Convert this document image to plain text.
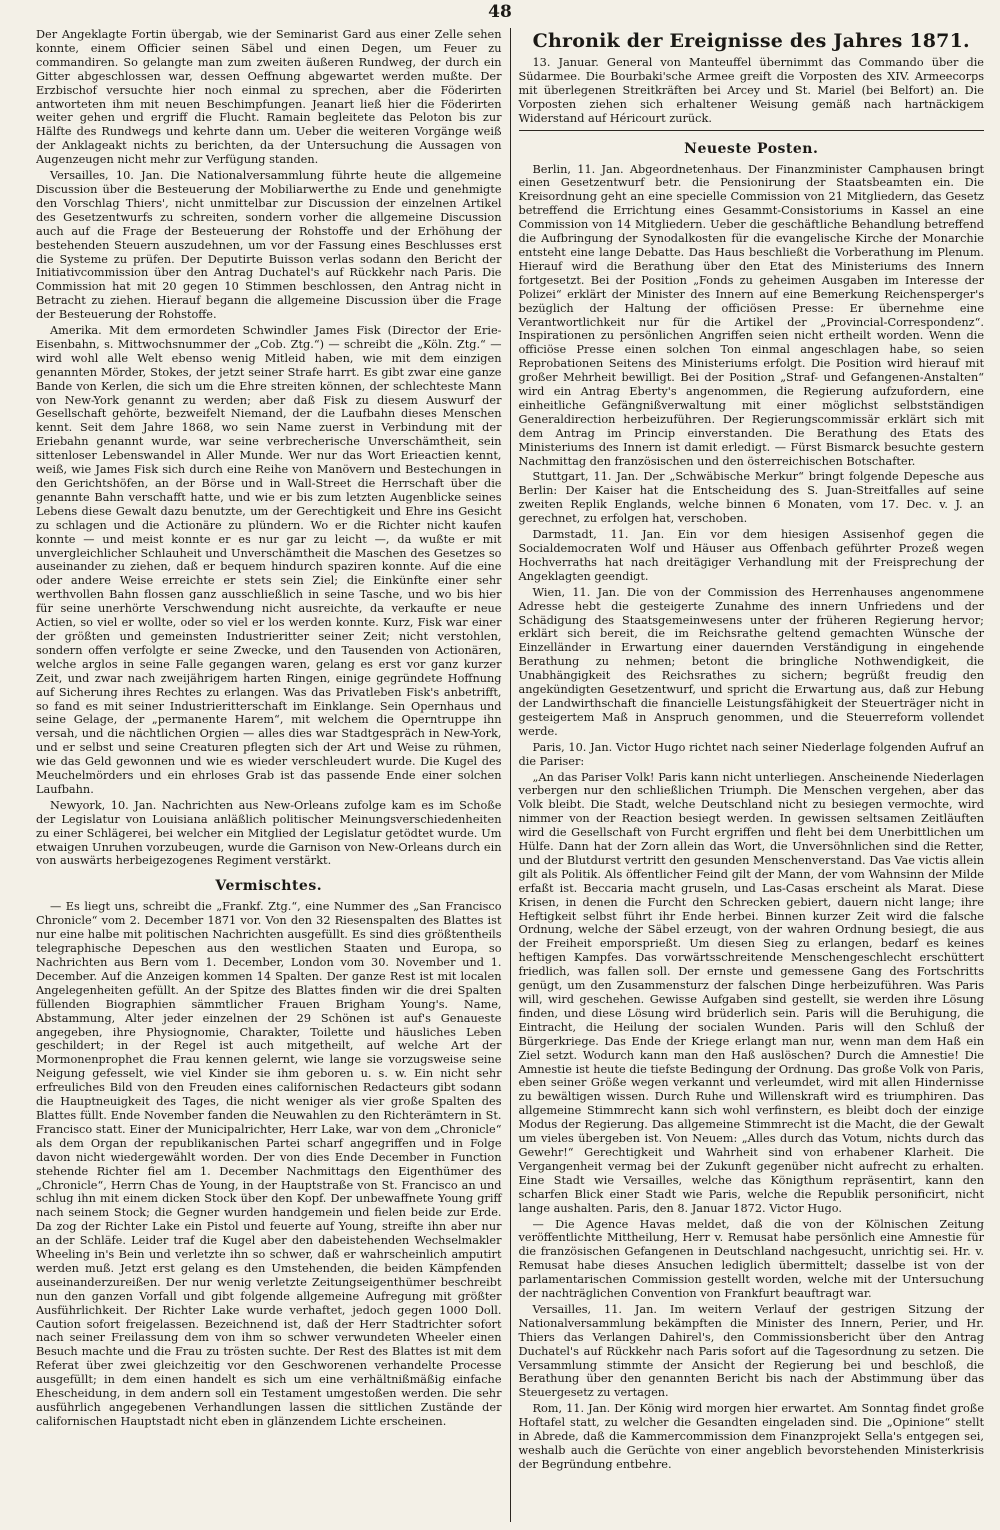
48

Der Angeklagte Fortin übergab, wie der Seminarist Gard aus einer Zelle sehen konnte, einem Officier seinen Säbel und einen Degen, um Feuer zu commandiren. So gelangte man zum zweiten äußeren Rundweg, der durch ein Gitter abgeschlossen war, dessen Oeffnung abgewartet werden mußte. Der Erzbischof versuchte hier noch einmal zu sprechen, aber die Föderirten antworteten ihm mit neuen Beschimpfungen. Jeanart ließ hier die Föderirten weiter gehen und ergriff die Flucht. Ramain begleitete das Peloton bis zur Hälfte des Rundwegs und kehrte dann um. Ueber die weiteren Vorgänge weiß der Anklageakt nichts zu berichten, da der Untersuchung die Aussagen von Augenzeugen nicht mehr zur Verfügung standen.

Versailles, 10. Jan. Die Nationalversammlung führte heute die allgemeine Discussion über die Besteuerung der Mobiliarwerthe zu Ende und genehmigte den Vorschlag Thiers', nicht unmittelbar zur Discussion der einzelnen Artikel des Gesetzentwurfs zu schreiten, sondern vorher die allgemeine Discussion auch auf die Frage der Besteuerung der Rohstoffe und der Erhöhung der bestehenden Steuern auszudehnen, um vor der Fassung eines Beschlusses erst die Systeme zu prüfen. Der Deputirte Buisson verlas sodann den Bericht der Initiativcommission über den Antrag Duchatel's auf Rückkehr nach Paris. Die Commission hat mit 20 gegen 10 Stimmen beschlossen, den Antrag nicht in Betracht zu ziehen. Hierauf begann die allgemeine Discussion über die Frage der Besteuerung der Rohstoffe.

Amerika. Mit dem ermordeten Schwindler James Fisk (Director der Erie-Eisenbahn, s. Mittwochsnummer der „Cob. Ztg.“) — schreibt die „Köln. Ztg.“ — wird wohl alle Welt ebenso wenig Mitleid haben, wie mit dem einzigen genannten Mörder, Stokes, der jetzt seiner Strafe harrt. Es gibt zwar eine ganze Bande von Kerlen, die sich um die Ehre streiten können, der schlechteste Mann von New-York genannt zu werden; aber daß Fisk zu diesem Auswurf der Gesellschaft gehörte, bezweifelt Niemand, der die Laufbahn dieses Menschen kennt. Seit dem Jahre 1868, wo sein Name zuerst in Verbindung mit der Eriebahn genannt wurde, war seine verbrecherische Unverschämtheit, sein sittenloser Lebenswandel in Aller Munde. Wer nur das Wort Erieactien kennt, weiß, wie James Fisk sich durch eine Reihe von Manövern und Bestechungen in den Gerichtshöfen, an der Börse und in Wall-Street die Herrschaft über die genannte Bahn verschafft hatte, und wie er bis zum letzten Augenblicke seines Lebens diese Gewalt dazu benutzte, um der Gerechtigkeit und Ehre ins Gesicht zu schlagen und die Actionäre zu plündern. Wo er die Richter nicht kaufen konnte — und meist konnte er es nur gar zu leicht —, da wußte er mit unvergleichlicher Schlauheit und Unverschämtheit die Maschen des Gesetzes so auseinander zu ziehen, daß er bequem hindurch spaziren konnte. Auf die eine oder andere Weise erreichte er stets sein Ziel; die Einkünfte einer sehr werthvollen Bahn flossen ganz ausschließlich in seine Tasche, und wo bis hier für seine unerhörte Verschwendung nicht ausreichte, da verkaufte er neue Actien, so viel er wollte, oder so viel er los werden konnte. Kurz, Fisk war einer der größten und gemeinsten Industrieritter seiner Zeit; nicht verstohlen, sondern offen verfolgte er seine Zwecke, und den Tausenden von Actionären, welche arglos in seine Falle gegangen waren, gelang es erst vor ganz kurzer Zeit, und zwar nach zweijährigem harten Ringen, einige gegründete Hoffnung auf Sicherung ihres Rechtes zu erlangen. Was das Privatleben Fisk's anbetrifft, so fand es mit seiner Industrieritterschaft im Einklange. Sein Opernhaus und seine Gelage, der „permanente Harem“, mit welchem die Operntruppe ihn versah, und die nächtlichen Orgien — alles dies war Stadtgespräch in New-York, und er selbst und seine Creaturen pflegten sich der Art und Weise zu rühmen, wie das Geld gewonnen und wie es wieder verschleudert wurde. Die Kugel des Meuchelmörders und ein ehrloses Grab ist das passende Ende einer solchen Laufbahn.

Newyork, 10. Jan. Nachrichten aus New-Orleans zufolge kam es im Schoße der Legislatur von Louisiana anläßlich politischer Meinungsverschiedenheiten zu einer Schlägerei, bei welcher ein Mitglied der Legislatur getödtet wurde. Um etwaigen Unruhen vorzubeugen, wurde die Garnison von New-Orleans durch ein von auswärts herbeigezogenes Regiment verstärkt.

Vermischtes.

— Es liegt uns, schreibt die „Frankf. Ztg.“, eine Nummer des „San Francisco Chronicle“ vom 2. December 1871 vor. Von den 32 Riesenspalten des Blattes ist nur eine halbe mit politischen Nachrichten ausgefüllt. Es sind dies größtentheils telegraphische Depeschen aus den westlichen Staaten und Europa, so Nachrichten aus Bern vom 1. December, London vom 30. November und 1. December. Auf die Anzeigen kommen 14 Spalten. Der ganze Rest ist mit localen Angelegenheiten gefüllt. An der Spitze des Blattes finden wir die drei Spalten füllenden Biographien sämmtlicher Frauen Brigham Young's. Name, Abstammung, Alter jeder einzelnen der 29 Schönen ist auf's Genaueste angegeben, ihre Physiognomie, Charakter, Toilette und häusliches Leben geschildert; in der Regel ist auch mitgetheilt, auf welche Art der Mormonenprophet die Frau kennen gelernt, wie lange sie vorzugsweise seine Neigung gefesselt, wie viel Kinder sie ihm geboren u. s. w. Ein nicht sehr erfreuliches Bild von den Freuden eines californischen Redacteurs gibt sodann die Hauptneuigkeit des Tages, die nicht weniger als vier große Spalten des Blattes füllt. Ende November fanden die Neuwahlen zu den Richterämtern in St. Francisco statt. Einer der Municipalrichter, Herr Lake, war von dem „Chronicle“ als dem Organ der republikanischen Partei scharf angegriffen und in Folge davon nicht wiedergewählt worden. Der von dies Ende December in Function stehende Richter fiel am 1. December Nachmittags den Eigenthümer des „Chronicle“, Herrn Chas de Young, in der Hauptstraße von St. Francisco an und schlug ihn mit einem dicken Stock über den Kopf. Der unbewaffnete Young griff nach seinem Stock; die Gegner wurden handgemein und fielen beide zur Erde. Da zog der Richter Lake ein Pistol und feuerte auf Young, streifte ihn aber nur an der Schläfe. Leider traf die Kugel aber den dabeistehenden Wechselmakler Wheeling in's Bein und verletzte ihn so schwer, daß er wahrscheinlich amputirt werden muß. Jetzt erst gelang es den Umstehenden, die beiden Kämpfenden auseinanderzureißen. Der nur wenig verletzte Zeitungseigenthümer beschreibt nun den ganzen Vorfall und gibt folgende allgemeine Aufregung mit größter Ausführlichkeit. Der Richter Lake wurde verhaftet, jedoch gegen 1000 Doll. Caution sofort freigelassen. Bezeichnend ist, daß der Herr Stadtrichter sofort nach seiner Freilassung dem von ihm so schwer verwundeten Wheeler einen Besuch machte und die Frau zu trösten suchte. Der Rest des Blattes ist mit dem Referat über zwei gleichzeitig vor den Geschworenen verhandelte Processe ausgefüllt; in dem einen handelt es sich um eine verhältnißmäßig einfache Ehescheidung, in dem andern soll ein Testament umgestoßen werden. Die sehr ausführlich angegebenen Verhandlungen lassen die sittlichen Zustände der californischen Hauptstadt nicht eben in glänzendem Lichte erscheinen.

Chronik der Ereignisse des Jahres 1871.

13. Januar. General von Manteuffel übernimmt das Commando über die Südarmee. Die Bourbaki'sche Armee greift die Vorposten des XIV. Armeecorps mit überlegenen Streitkräften bei Arcey und St. Mariel (bei Belfort) an. Die Vorposten ziehen sich erhaltener Weisung gemäß nach hartnäckigem Widerstand auf Héricourt zurück.

Neueste Posten.

Berlin, 11. Jan. Abgeordnetenhaus. Der Finanzminister Camphausen bringt einen Gesetzentwurf betr. die Pensionirung der Staatsbeamten ein. Die Kreisordnung geht an eine specielle Commission von 21 Mitgliedern, das Gesetz betreffend die Errichtung eines Gesammt-Consistoriums in Kassel an eine Commission von 14 Mitgliedern. Ueber die geschäftliche Behandlung betreffend die Aufbringung der Synodalkosten für die evangelische Kirche der Monarchie entsteht eine lange Debatte. Das Haus beschließt die Vorberathung im Plenum. Hierauf wird die Berathung über den Etat des Ministeriums des Innern fortgesetzt. Bei der Position „Fonds zu geheimen Ausgaben im Interesse der Polizei“ erklärt der Minister des Innern auf eine Bemerkung Reichensperger's bezüglich der Haltung der officiösen Presse: Er übernehme eine Verantwortlichkeit nur für die Artikel der „Provincial-Correspondenz“. Inspirationen zu persönlichen Angriffen seien nicht ertheilt worden. Wenn die officiöse Presse einen solchen Ton einmal angeschlagen habe, so seien Reprobationen Seitens des Ministeriums erfolgt. Die Position wird hierauf mit großer Mehrheit bewilligt. Bei der Position „Straf- und Gefangenen-Anstalten“ wird ein Antrag Eberty's angenommen, die Regierung aufzufordern, eine einheitliche Gefängnißverwaltung mit einer möglichst selbstständigen Generaldirection herbeizuführen. Der Regierungscommissär erklärt sich mit dem Antrag im Princip einverstanden. Die Berathung des Etats des Ministeriums des Innern ist damit erledigt. — Fürst Bismarck besuchte gestern Nachmittag den französischen und den österreichischen Botschafter.

Stuttgart, 11. Jan. Der „Schwäbische Merkur“ bringt folgende Depesche aus Berlin: Der Kaiser hat die Entscheidung des S. Juan-Streitfalles auf seine zweiten Replik Englands, welche binnen 6 Monaten, vom 17. Dec. v. J. an gerechnet, zu erfolgen hat, verschoben.

Darmstadt, 11. Jan. Ein vor dem hiesigen Assisenhof gegen die Socialdemocraten Wolf und Häuser aus Offenbach geführter Prozeß wegen Hochverraths hat nach dreitägiger Verhandlung mit der Freisprechung der Angeklagten geendigt.

Wien, 11. Jan. Die von der Commission des Herrenhauses angenommene Adresse hebt die gesteigerte Zunahme des innern Unfriedens und der Schädigung des Staatsgemeinwesens unter der früheren Regierung hervor; erklärt sich bereit, die im Reichsrathe geltend gemachten Wünsche der Einzelländer in Erwartung einer dauernden Verständigung in eingehende Berathung zu nehmen; betont die bringliche Nothwendigkeit, die Unabhängigkeit des Reichsrathes zu sichern; begrüßt freudig den angekündigten Gesetzentwurf, und spricht die Erwartung aus, daß zur Hebung der Landwirthschaft die financielle Leistungsfähigkeit der Steuerträger nicht in gesteigertem Maß in Anspruch genommen, und die Steuerreform vollendet werde.

Paris, 10. Jan. Victor Hugo richtet nach seiner Niederlage folgenden Aufruf an die Pariser:

„An das Pariser Volk! Paris kann nicht unterliegen. Anscheinende Niederlagen verbergen nur den schließlichen Triumph. Die Menschen vergehen, aber das Volk bleibt. Die Stadt, welche Deutschland nicht zu besiegen vermochte, wird nimmer von der Reaction besiegt werden. In gewissen seltsamen Zeitläuften wird die Gesellschaft von Furcht ergriffen und fleht bei dem Unerbittlichen um Hülfe. Dann hat der Zorn allein das Wort, die Unversöhnlichen sind die Retter, und der Blutdurst vertritt den gesunden Menschenverstand. Das Vae victis allein gilt als Politik. Als öffentlicher Feind gilt der Mann, der vom Wahnsinn der Milde erfaßt ist. Beccaria macht gruseln, und Las-Casas erscheint als Marat. Diese Krisen, in denen die Furcht den Schrecken gebiert, dauern nicht lange; ihre Heftigkeit selbst führt ihr Ende herbei. Binnen kurzer Zeit wird die falsche Ordnung, welche der Säbel erzeugt, von der wahren Ordnung besiegt, die aus der Freiheit emporsprießt. Um diesen Sieg zu erlangen, bedarf es keines heftigen Kampfes. Das vorwärtsschreitende Menschengeschlecht erschüttert friedlich, was fallen soll. Der ernste und gemessene Gang des Fortschritts genügt, um den Zusammensturz der falschen Dinge herbeizuführen. Was Paris will, wird geschehen. Gewisse Aufgaben sind gestellt, sie werden ihre Lösung finden, und diese Lösung wird brüderlich sein. Paris will die Beruhigung, die Eintracht, die Heilung der socialen Wunden. Paris will den Schluß der Bürgerkriege. Das Ende der Kriege erlangt man nur, wenn man dem Haß ein Ziel setzt. Wodurch kann man den Haß auslöschen? Durch die Amnestie! Die Amnestie ist heute die tiefste Bedingung der Ordnung. Das große Volk von Paris, eben seiner Größe wegen verkannt und verleumdet, wird mit allen Hindernisse zu bewältigen wissen. Durch Ruhe und Willenskraft wird es triumphiren. Das allgemeine Stimmrecht kann sich wohl verfinstern, es bleibt doch der einzige Modus der Regierung. Das allgemeine Stimmrecht ist die Macht, die der Gewalt um vieles übergeben ist. Von Neuem: „Alles durch das Votum, nichts durch das Gewehr!“ Gerechtigkeit und Wahrheit sind von erhabener Klarheit. Die Vergangenheit vermag bei der Zukunft gegenüber nicht aufrecht zu erhalten. Eine Stadt wie Versailles, welche das Königthum repräsentirt, kann den scharfen Blick einer Stadt wie Paris, welche die Republik personificirt, nicht lange aushalten. Paris, den 8. Januar 1872. Victor Hugo.

— Die Agence Havas meldet, daß die von der Kölnischen Zeitung veröffentlichte Mittheilung, Herr v. Remusat habe persönlich eine Amnestie für die französischen Gefangenen in Deutschland nachgesucht, unrichtig sei. Hr. v. Remusat habe dieses Ansuchen lediglich übermittelt; dasselbe ist von der parlamentarischen Commission gestellt worden, welche mit der Untersuchung der nachträglichen Convention von Frankfurt beauftragt war.

Versailles, 11. Jan. Im weitern Verlauf der gestrigen Sitzung der Nationalversammlung bekämpften die Minister des Innern, Perier, und Hr. Thiers das Verlangen Dahirel's, den Commissionsbericht über den Antrag Duchatel's auf Rückkehr nach Paris sofort auf die Tagesordnung zu setzen. Die Versammlung stimmte der Ansicht der Regierung bei und beschloß, die Berathung über den genannten Bericht bis nach der Abstimmung über das Steuergesetz zu vertagen.

Rom, 11. Jan. Der König wird morgen hier erwartet. Am Sonntag findet große Hoftafel statt, zu welcher die Gesandten eingeladen sind. Die „Opinione“ stellt in Abrede, daß die Kammercommission dem Finanzprojekt Sella's entgegen sei, weshalb auch die Gerüchte von einer angeblich bevorstehenden Ministerkrisis der Begründung entbehre.
